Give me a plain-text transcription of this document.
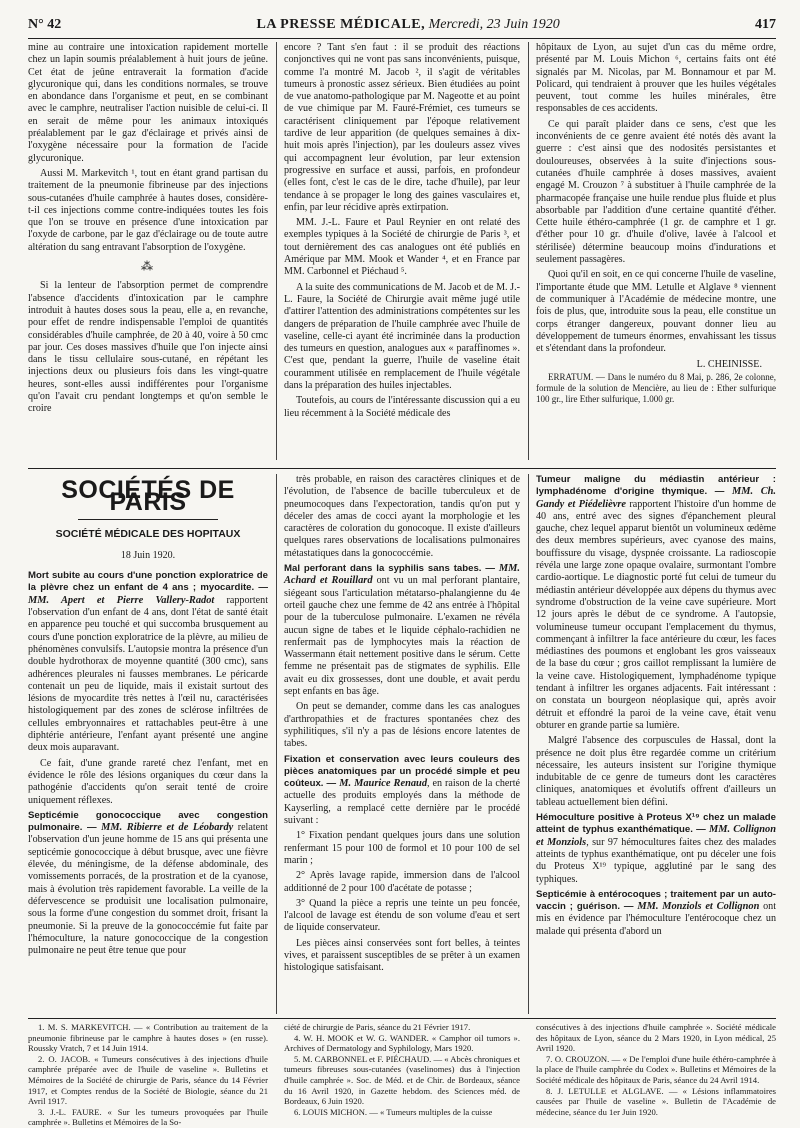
N° 42	LA PRESSE MÉDICALE, Mercredi, 23 Juin 1920	417

mine au contraire une intoxication rapidement mortelle chez un lapin soumis préalablement à huit jours de jeûne. Cet état de jeûne entraverait la formation d'acide glycuronique qui, dans les conditions normales, se trouve en abondance dans l'organisme et peut, en se combinant avec le camphre, neutraliser l'action nuisible de celui-ci. Il en serait de même pour les animaux intoxiqués préalablement par le gaz d'éclairage et privés ainsi de l'oxygène nécessaire pour la formation de l'acide glycuronique.

Aussi M. Markevitch ¹, tout en étant grand partisan du traitement de la pneumonie fibrineuse par des injections sous-cutanées d'huile camphrée à hautes doses, considère-t-il ces injections comme contre-indiquées toutes les fois que l'on se trouve en présence d'une intoxication par l'oxyde de carbone, par le gaz d'éclairage ou de toute autre altération du sang entravant l'absorption de l'oxygène.

⁂

Si la lenteur de l'absorption permet de comprendre l'absence d'accidents d'intoxication par le camphre introduit à hautes doses sous la peau, elle a, en revanche, pour effet de rendre indispensable l'emploi de quantités considérables d'huile camphrée, de 20 à 40, voire à 50 cmc par jour. Ces doses massives d'huile que l'on injecte ainsi dans le tissu cellulaire sous-cutané, en répétant les injections deux ou plusieurs fois dans les vingt-quatre heures, sont-elles aussi indifférentes pour l'organisme qu'on l'avait cru pendant longtemps et qu'on semble le croire

encore ? Tant s'en faut : il se produit des réactions conjonctives qui ne vont pas sans inconvénients, puisque, comme l'a montré M. Jacob ², il s'agit de véritables tumeurs à pronostic assez sérieux. Bien étudiées au point de vue anatomo-pathologique par M. Nageotte et au point de vue chimique par M. Fauré-Frémiet, ces tumeurs se caractérisent cliniquement par l'époque relativement tardive de leur apparition (de quelques semaines à dix-huit mois après l'injection), par les douleurs assez vives qui accompagnent leur évolution, par leur extension progressive en surface et aussi, parfois, en profondeur (elles font, c'est le cas de le dire, tache d'huile), par leur tendance à se propager le long des gaines vasculaires et, enfin, par leur récidive après extirpation.

MM. J.-L. Faure et Paul Reynier en ont relaté des exemples typiques à la Société de chirurgie de Paris ³, et tout dernièrement des cas analogues ont été publiés en Amérique par MM. Mook et Wander ⁴, et en France par MM. Carbonnel et Piéchaud ⁵.

A la suite des communications de M. Jacob et de M. J.-L. Faure, la Société de Chirurgie avait même jugé utile d'attirer l'attention des administrations compétentes sur les dangers de préparation de l'huile camphrée avec l'huile de vaseline, celle-ci ayant été incriminée dans la production des tumeurs en question, analogues aux « paraffinomes ». C'est que, pendant la guerre, l'huile de vaseline était couramment utilisée en remplacement de l'huile végétale dans la préparation des huiles injectables.

Toutefois, au cours de l'intéressante discussion qui a eu lieu récemment à la Société médicale des

hôpitaux de Lyon, au sujet d'un cas du même ordre, présenté par M. Louis Michon ⁶, certains faits ont été signalés par M. Nicolas, par M. Bonnamour et par M. Policard, qui tendraient à prouver que les huiles végétales peuvent, tout comme les huiles minérales, être responsables de ces accidents.

Ce qui paraît plaider dans ce sens, c'est que les inconvénients de ce genre avaient été notés dès avant la guerre : c'est ainsi que des nodosités persistantes et douloureuses, observées à la suite d'injections sous-cutanées d'huile camphrée à doses massives, avaient engagé M. Crouzon ⁷ à substituer à l'huile camphrée de la pharmacopée française une huile rendue plus fluide et plus absorbable par l'addition d'une certaine quantité d'éther. Cette huile éthéro-camphrée (1 gr. de camphre et 1 gr. d'éther pour 10 gr. d'huile d'olive, lavée à l'alcool et stérilisée) détermine beaucoup moins d'indurations et seulement passagères.

Quoi qu'il en soit, en ce qui concerne l'huile de vaseline, l'importante étude que MM. Letulle et Alglave ⁸ viennent de communiquer à l'Académie de médecine montre, une fois de plus, que, introduite sous la peau, elle constitue un corps étranger dangereux, pouvant donner lieu au développement de tumeurs énormes, envahissant les tissus et s'étendant dans la profondeur.

L. CHEINISSE.

ERRATUM. — Dans le numéro du 8 Mai, p. 286, 2e colonne, formule de la solution de Mencière, au lieu de : Ether sulfurique 100 gr., lire Ether sulfurique, 1.000 gr.

SOCIÉTÉS DE PARIS
SOCIÉTÉ MÉDICALE DES HOPITAUX
18 Juin 1920.

Mort subite au cours d'une ponction exploratrice de la plèvre chez un enfant de 4 ans ; myocardite. — MM. Apert et Pierre Vallery-Radot rapportent l'observation d'un enfant de 4 ans, dont l'état de santé était en apparence peu touché et qui succomba brusquement au cours d'une ponction exploratrice de la plèvre, au milieu de phénomènes convulsifs. L'autopsie montra la présence d'un double hydrothorax de moyenne quantité (300 cmc), sans adhérences pleurales ni fausses membranes. Le péricarde contenait un peu de liquide, mais il existait surtout des lésions de myocardite très nettes à l'œil nu, caractérisées histologiquement par des zones de sclérose infiltrées de cellules embryonnaires et rattachables peut-être à une diphtérie antérieure, l'enfant ayant présenté une angine deux mois auparavant.

Ce fait, d'une grande rareté chez l'enfant, met en évidence le rôle des lésions organiques du cœur dans la pathogénie d'accidents qu'on serait tenté de croire uniquement réflexes.

Septicémie gonococcique avec congestion pulmonaire. — MM. Ribierre et de Léobardy relatent l'observation d'un jeune homme de 15 ans qui présenta une septicémie gonococcique à début brusque, avec une fièvre élevée, du méningisme, de la défense abdominale, des vomissements porracés, de la prostration et de la cyanose, mais à évolution très rapidement favorable. La veille de la défervescence se produisit une localisation pulmonaire, sous la forme d'une congestion du sommet droit, frisant la pneumonie. Si la preuve de la gonococcémie fut faite par l'hémoculture, la nature gonococcique de la congestion pulmonaire ne peut être tenue que pour

très probable, en raison des caractères cliniques et de l'évolution, de l'absence de bacille tuberculeux et de pneumocoques dans l'expectoration, tandis qu'on put y déceler des amas de cocci ayant la morphologie et les caractères de coloration du gonocoque. Il existe d'ailleurs quelques rares observations de localisations pulmonaires métastatiques dans la gonococcémie.

Mal perforant dans la syphilis sans tabes. — MM. Achard et Rouillard ont vu un mal perforant plantaire, siégeant sous l'articulation métatarso-phalangienne du 4e orteil gauche chez une femme de 42 ans entrée à l'hôpital pour de la tuberculose pulmonaire. L'examen ne révéla aucun signe de tabes et le liquide céphalo-rachidien ne renfermait pas de lymphocytes mais la réaction de Wassermann était nettement positive dans le sérum. Cette femme ne présentait pas de stigmates de syphilis. Elle avait eu dix grossesses, dont une double, et avait perdu sept enfants en bas âge.

On peut se demander, comme dans les cas analogues d'arthropathies et de fractures spontanées chez des syphilitiques, s'il n'y a pas de lésions encore latentes de tabes.

Fixation et conservation avec leurs couleurs des pièces anatomiques par un procédé simple et peu coûteux. — M. Maurice Renaud, en raison de la cherté actuelle des produits employés dans la méthode de Kayserling, a remplacé cette dernière par le procédé suivant :

1° Fixation pendant quelques jours dans une solution renfermant 15 pour 100 de formol et 10 pour 100 de sel marin ;

2° Après lavage rapide, immersion dans de l'alcool additionné de 2 pour 100 d'acétate de potasse ;

3° Quand la pièce a repris une teinte un peu foncée, l'alcool de lavage est étendu de son volume d'eau et sert de liquide conservateur.

Les pièces ainsi conservées sont fort belles, à teintes vives, et paraissent susceptibles de se prêter à un examen histologique satisfaisant.

Tumeur maligne du médiastin antérieur : lymphadénome d'origine thymique. — MM. Ch. Gandy et Piédelièvre rapportent l'histoire d'un homme de 40 ans, entré avec des signes d'épanchement pleural gauche, chez lequel apparut bientôt un volumineux œdème des deux membres supérieurs, avec cyanose des mains, bouffissure du visage, dyspnée croissante. La radioscopie révéla une large zone opaque ovalaire, surmontant l'ombre cardio-aortique. Le diagnostic porté fut celui de tumeur du médiastin antérieur développée aux dépens du thymus avec syndrome d'obstruction de la veine cave supérieure. Mort 12 jours après le début de ce syndrome. A l'autopsie, volumineuse tumeur occupant l'emplacement du thymus, commençant à infiltrer la face antérieure du cœur, les faces médiastines des poumons et englobant les gros vaisseaux de la base du cœur ; gros caillot remplissant la lumière de la veine cave. Histologiquement, lymphadénome typique tendant à infiltrer les organes adjacents. Fait intéressant : on constata un bourgeon néoplasique qui, après avoir détruit et effondré la paroi de la veine cave, était venu obturer en grande partie sa lumière.

Malgré l'absence des corpuscules de Hassal, dont la présence ne doit plus être regardée comme un critérium nécessaire, les auteurs insistent sur l'origine thymique indubitable de ce genre de tumeurs dont les caractères cliniques, anatomiques et évolutifs offrent d'ailleurs un tableau actuellement bien défini.

Hémoculture positive à Proteus X¹⁹ chez un malade atteint de typhus exanthématique. — MM. Collignon et Monziols, sur 97 hémocultures faites chez des malades atteints de typhus exanthématique, ont pu déceler une fois du Proteus X¹⁹ typique, agglutiné par le sang des typhiques.

Septicémie à entérocoques ; traitement par un auto-vaccin ; guérison. — MM. Monziols et Collignon ont mis en évidence par l'hémoculture l'entérocoque chez un malade qui présenta d'abord un

1. M. S. MARKEVITCH. — « Contribution au traitement de la pneumonie fibrineuse par le camphre à hautes doses » (en russe). Roussky Vratch, 7 et 14 Juin 1914.

2. O. JACOB. « Tumeurs consécutives à des injections d'huile camphrée préparée avec de l'huile de vaseline ». Bulletins et Mémoires de la Société de chirurgie de Paris, séance du 14 Février 1917, et Comptes rendus de la Société de Biologie, séance du 21 Avril 1917.

3. J.-L. FAURE. « Sur les tumeurs provoquées par l'huile camphrée ». Bulletins et Mémoires de la So-

ciété de chirurgie de Paris, séance du 21 Février 1917.

4. W. H. MOOK et W. G. WANDER. « Camphor oil tumors ». Archives of Dermatology and Syphilology, Mars 1920.

5. M. CARBONNEL et F. PIÉCHAUD. — « Abcès chroniques et tumeurs fibreuses sous-cutanées (vaselinomes) dus à l'injection d'huile camphrée ». Soc. de Méd. et de Chir. de Bordeaux, séance du 16 Avril 1920, in Gazette hebdom. des Sciences méd. de Bordeaux, 6 Juin 1920.

6. LOUIS MICHON. — « Tumeurs multiples de la cuisse

consécutives à des injections d'huile camphrée ». Société médicale des hôpitaux de Lyon, séance du 2 Mars 1920, in Lyon médical, 25 Avril 1920.

7. O. CROUZON. — « De l'emploi d'une huile éthéro-camphrée à la place de l'huile camphrée du Codex ». Bulletins et Mémoires de la Société médicale des hôpitaux de Paris, séance du 24 Avril 1914.

8. J. LETULLE et ALGLAVE. — « Lésions inflammatoires causées par l'huile de vaseline ». Bulletin de l'Académie de médecine, séance du 1er Juin 1920.
